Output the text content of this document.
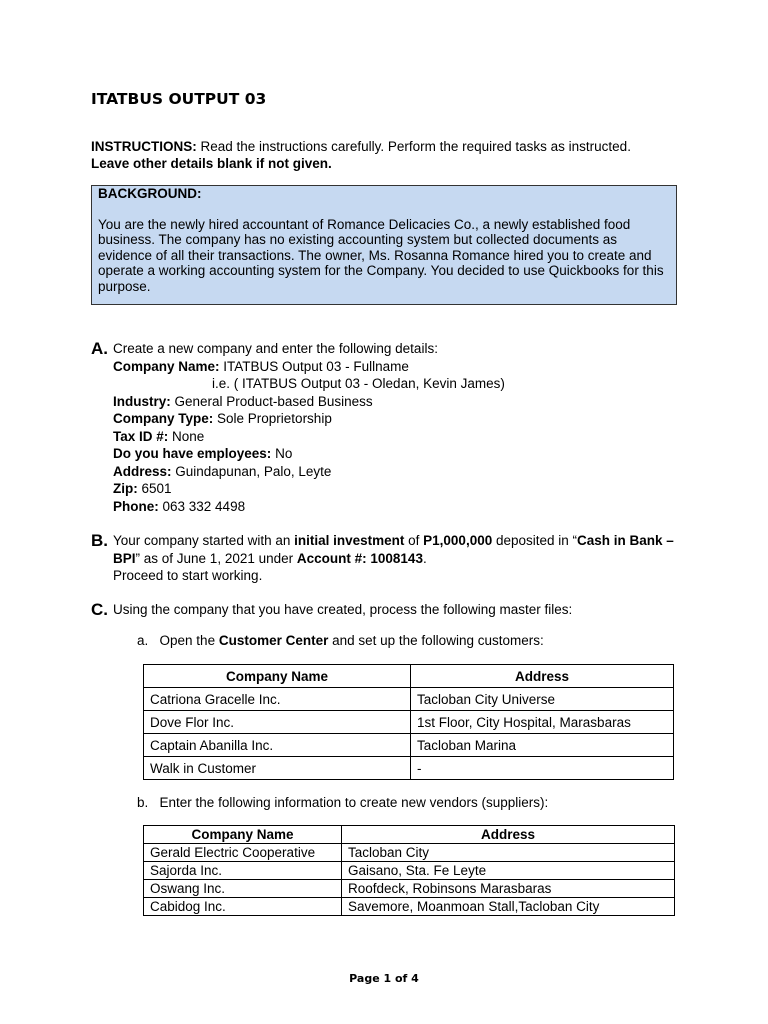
ITATBUS OUTPUT 03
INSTRUCTIONS: Read the instructions carefully. Perform the required tasks as instructed. Leave other details blank if not given.
BACKGROUND:
You are the newly hired accountant of Romance Delicacies Co., a newly established food business. The company has no existing accounting system but collected documents as evidence of all their transactions. The owner, Ms. Rosanna Romance hired you to create and operate a working accounting system for the Company. You decided to use Quickbooks for this purpose.
A. Create a new company and enter the following details:
Company Name: ITATBUS Output 03 - Fullname
i.e. ( ITATBUS Output 03 - Oledan, Kevin James)
Industry: General Product-based Business
Company Type: Sole Proprietorship
Tax ID #: None
Do you have employees: No
Address: Guindapunan, Palo, Leyte
Zip: 6501
Phone: 063 332 4498
B. Your company started with an initial investment of P1,000,000 deposited in “Cash in Bank – BPI” as of June 1, 2021 under Account #: 1008143.
Proceed to start working.
C. Using the company that you have created, process the following master files:
a. Open the Customer Center and set up the following customers:
Company Name	Address
Catriona Gracelle Inc.	Tacloban City Universe
Dove Flor Inc.	1st Floor, City Hospital, Marasbaras
Captain Abanilla Inc.	Tacloban Marina
Walk in Customer	-
b. Enter the following information to create new vendors (suppliers):
Company Name	Address
Gerald Electric Cooperative	Tacloban City
Sajorda Inc.	Gaisano, Sta. Fe Leyte
Oswang Inc.	Roofdeck, Robinsons Marasbaras
Cabidog Inc.	Savemore, Moanmoan Stall,Tacloban City
Page 1 of 4
